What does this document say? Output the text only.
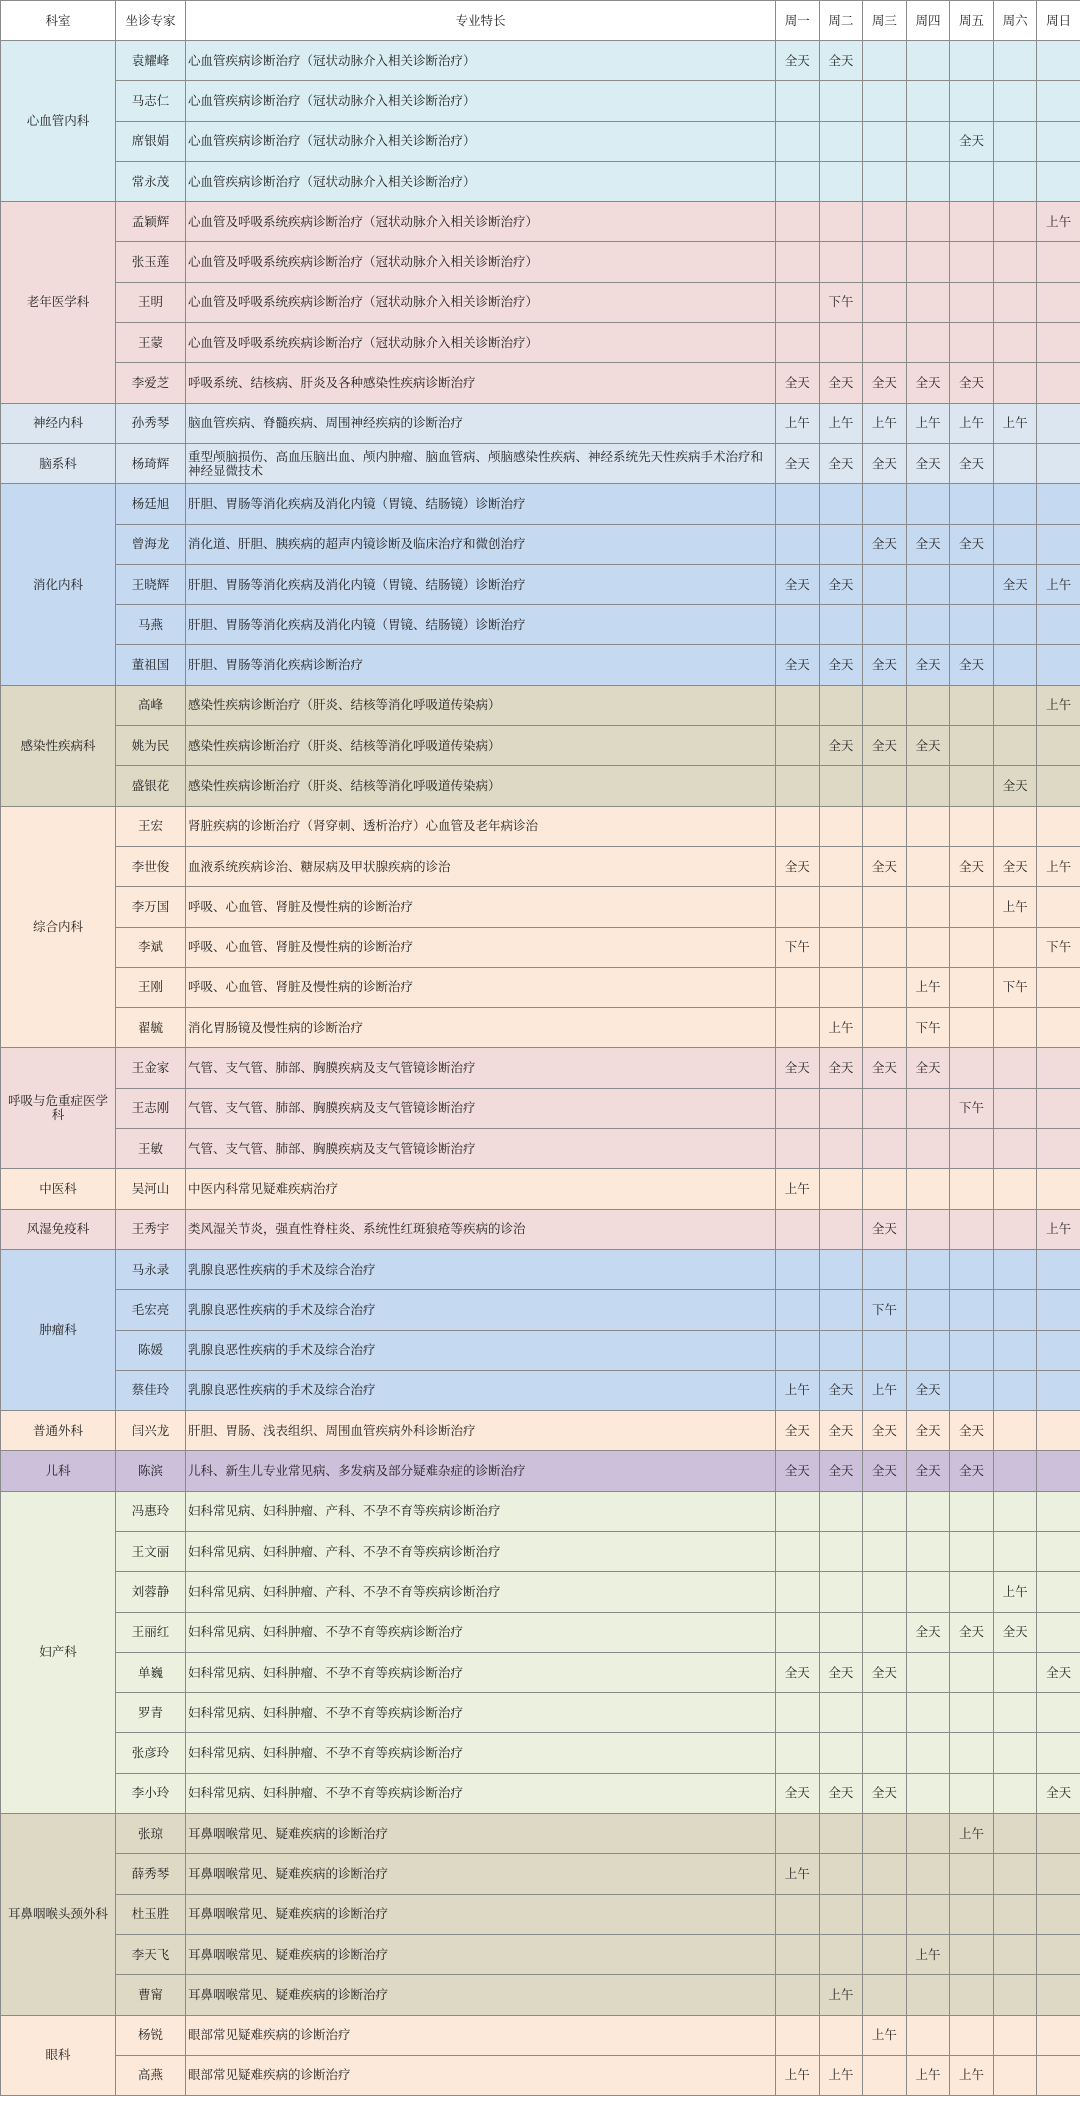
科室	坐诊专家	专业特长	周一	周二	周三	周四	周五	周六	周日
心血管内科	袁耀峰	心血管疾病诊断治疗（冠状动脉介入相关诊断治疗）	全天	全天					
	马志仁	心血管疾病诊断治疗（冠状动脉介入相关诊断治疗）							
	席银娟	心血管疾病诊断治疗（冠状动脉介入相关诊断治疗）					全天		
	常永茂	心血管疾病诊断治疗（冠状动脉介入相关诊断治疗）							
老年医学科	孟颖辉	心血管及呼吸系统疾病诊断治疗（冠状动脉介入相关诊断治疗）							上午
	张玉莲	心血管及呼吸系统疾病诊断治疗（冠状动脉介入相关诊断治疗）							
	王明	心血管及呼吸系统疾病诊断治疗（冠状动脉介入相关诊断治疗）		下午					
	王蒙	心血管及呼吸系统疾病诊断治疗（冠状动脉介入相关诊断治疗）							
	李爱芝	呼吸系统、结核病、肝炎及各种感染性疾病诊断治疗	全天	全天	全天	全天	全天		
神经内科	孙秀琴	脑血管疾病、脊髓疾病、周围神经疾病的诊断治疗	上午	上午	上午	上午	上午	上午	
脑系科	杨琦辉	重型颅脑损伤、高血压脑出血、颅内肿瘤、脑血管病、颅脑感染性疾病、神经系统先天性疾病手术治疗和神经显微技术	全天	全天	全天	全天	全天		
消化内科	杨廷旭	肝胆、胃肠等消化疾病及消化内镜（胃镜、结肠镜）诊断治疗							
	曾海龙	消化道、肝胆、胰疾病的超声内镜诊断及临床治疗和微创治疗			全天	全天	全天		
	王晓辉	肝胆、胃肠等消化疾病及消化内镜（胃镜、结肠镜）诊断治疗	全天	全天				全天	上午
	马燕	肝胆、胃肠等消化疾病及消化内镜（胃镜、结肠镜）诊断治疗							
	董祖国	肝胆、胃肠等消化疾病诊断治疗	全天	全天	全天	全天	全天		
感染性疾病科	高峰	感染性疾病诊断治疗（肝炎、结核等消化呼吸道传染病）							上午
	姚为民	感染性疾病诊断治疗（肝炎、结核等消化呼吸道传染病）		全天	全天	全天			
	盛银花	感染性疾病诊断治疗（肝炎、结核等消化呼吸道传染病）						全天	
综合内科	王宏	肾脏疾病的诊断治疗（肾穿刺、透析治疗）心血管及老年病诊治							
	李世俊	血液系统疾病诊治、糖尿病及甲状腺疾病的诊治	全天		全天		全天	全天	上午
	李万国	呼吸、心血管、肾脏及慢性病的诊断治疗						上午	
	李斌	呼吸、心血管、肾脏及慢性病的诊断治疗	下午						下午
	王刚	呼吸、心血管、肾脏及慢性病的诊断治疗				上午		下午	
	翟毓	消化胃肠镜及慢性病的诊断治疗		上午		下午			
呼吸与危重症医学科	王金家	气管、支气管、肺部、胸膜疾病及支气管镜诊断治疗	全天	全天	全天	全天			
	王志刚	气管、支气管、肺部、胸膜疾病及支气管镜诊断治疗					下午		
	王敏	气管、支气管、肺部、胸膜疾病及支气管镜诊断治疗							
中医科	吴河山	中医内科常见疑难疾病治疗	上午						
风湿免疫科	王秀宇	类风湿关节炎，强直性脊柱炎、系统性红斑狼疮等疾病的诊治			全天				上午
肿瘤科	马永录	乳腺良恶性疾病的手术及综合治疗							
	毛宏亮	乳腺良恶性疾病的手术及综合治疗			下午				
	陈媛	乳腺良恶性疾病的手术及综合治疗							
	蔡佳玲	乳腺良恶性疾病的手术及综合治疗	上午	全天	上午	全天			
普通外科	闫兴龙	肝胆、胃肠、浅表组织、周围血管疾病外科诊断治疗	全天	全天	全天	全天	全天		
儿科	陈滨	儿科、新生儿专业常见病、多发病及部分疑难杂症的诊断治疗	全天	全天	全天	全天	全天		
妇产科	冯惠玲	妇科常见病、妇科肿瘤、产科、不孕不育等疾病诊断治疗							
	王文丽	妇科常见病、妇科肿瘤、产科、不孕不育等疾病诊断治疗							
	刘蓉静	妇科常见病、妇科肿瘤、产科、不孕不育等疾病诊断治疗						上午	
	王丽红	妇科常见病、妇科肿瘤、不孕不育等疾病诊断治疗				全天	全天	全天	
	单巍	妇科常见病、妇科肿瘤、不孕不育等疾病诊断治疗	全天	全天	全天				全天
	罗青	妇科常见病、妇科肿瘤、不孕不育等疾病诊断治疗							
	张彦玲	妇科常见病、妇科肿瘤、不孕不育等疾病诊断治疗							
	李小玲	妇科常见病、妇科肿瘤、不孕不育等疾病诊断治疗	全天	全天	全天				全天
耳鼻咽喉头颈外科	张琼	耳鼻咽喉常见、疑难疾病的诊断治疗					上午		
	薛秀琴	耳鼻咽喉常见、疑难疾病的诊断治疗	上午						
	杜玉胜	耳鼻咽喉常见、疑难疾病的诊断治疗							
	李天飞	耳鼻咽喉常见、疑难疾病的诊断治疗				上午			
	曹甯	耳鼻咽喉常见、疑难疾病的诊断治疗		上午					
眼科	杨锐	眼部常见疑难疾病的诊断治疗			上午				
	高燕	眼部常见疑难疾病的诊断治疗	上午	上午		上午	上午		
